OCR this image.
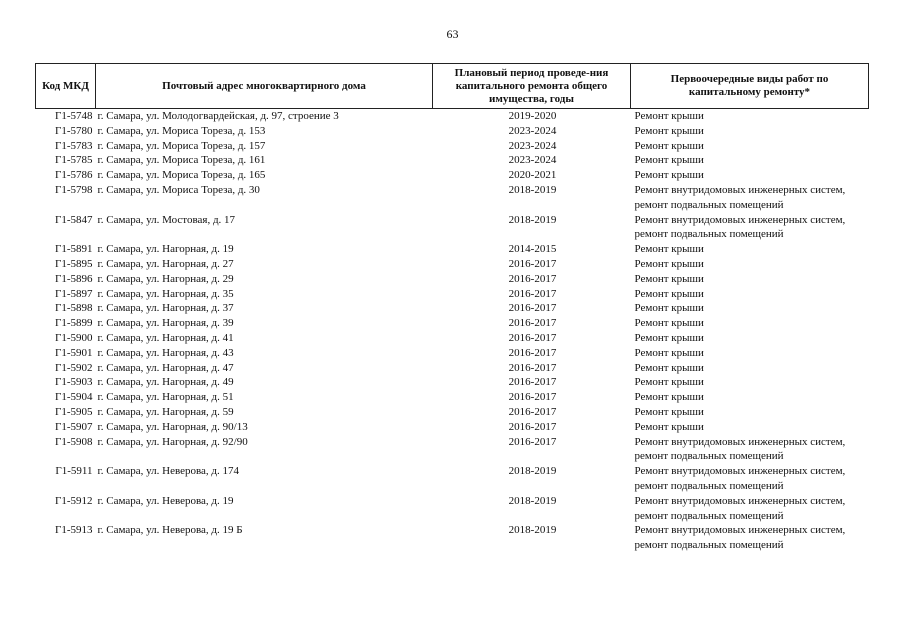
63
Код МКД	Почтовый адрес многоквартирного дома	Плановый период проведе-ния капитального ремонта общего имущества, годы	Первоочередные виды работ по капитальному ремонту*
Г1-5748	г. Самара, ул. Молодогвардейская, д. 97, строение 3	2019-2020	Ремонт крыши
Г1-5780	г. Самара, ул. Мориса Тореза, д. 153	2023-2024	Ремонт крыши
Г1-5783	г. Самара, ул. Мориса Тореза, д. 157	2023-2024	Ремонт крыши
Г1-5785	г. Самара, ул. Мориса Тореза, д. 161	2023-2024	Ремонт крыши
Г1-5786	г. Самара, ул. Мориса Тореза, д. 165	2020-2021	Ремонт крыши
Г1-5798	г. Самара, ул. Мориса Тореза, д. 30	2018-2019	Ремонт внутридомовых инженерных систем, ремонт подвальных помещений
Г1-5847	г. Самара, ул. Мостовая, д. 17	2018-2019	Ремонт внутридомовых инженерных систем, ремонт подвальных помещений
Г1-5891	г. Самара, ул. Нагорная, д. 19	2014-2015	Ремонт крыши
Г1-5895	г. Самара, ул. Нагорная, д. 27	2016-2017	Ремонт крыши
Г1-5896	г. Самара, ул. Нагорная, д. 29	2016-2017	Ремонт крыши
Г1-5897	г. Самара, ул. Нагорная, д. 35	2016-2017	Ремонт крыши
Г1-5898	г. Самара, ул. Нагорная, д. 37	2016-2017	Ремонт крыши
Г1-5899	г. Самара, ул. Нагорная, д. 39	2016-2017	Ремонт крыши
Г1-5900	г. Самара, ул. Нагорная, д. 41	2016-2017	Ремонт крыши
Г1-5901	г. Самара, ул. Нагорная, д. 43	2016-2017	Ремонт крыши
Г1-5902	г. Самара, ул. Нагорная, д. 47	2016-2017	Ремонт крыши
Г1-5903	г. Самара, ул. Нагорная, д. 49	2016-2017	Ремонт крыши
Г1-5904	г. Самара, ул. Нагорная, д. 51	2016-2017	Ремонт крыши
Г1-5905	г. Самара, ул. Нагорная, д. 59	2016-2017	Ремонт крыши
Г1-5907	г. Самара, ул. Нагорная, д. 90/13	2016-2017	Ремонт крыши
Г1-5908	г. Самара, ул. Нагорная, д. 92/90	2016-2017	Ремонт внутридомовых инженерных систем, ремонт подвальных помещений
Г1-5911	г. Самара, ул. Неверова, д. 174	2018-2019	Ремонт внутридомовых инженерных систем, ремонт подвальных помещений
Г1-5912	г. Самара, ул. Неверова, д. 19	2018-2019	Ремонт внутридомовых инженерных систем, ремонт подвальных помещений
Г1-5913	г. Самара, ул. Неверова, д. 19 Б	2018-2019	Ремонт внутридомовых инженерных систем, ремонт подвальных помещений
